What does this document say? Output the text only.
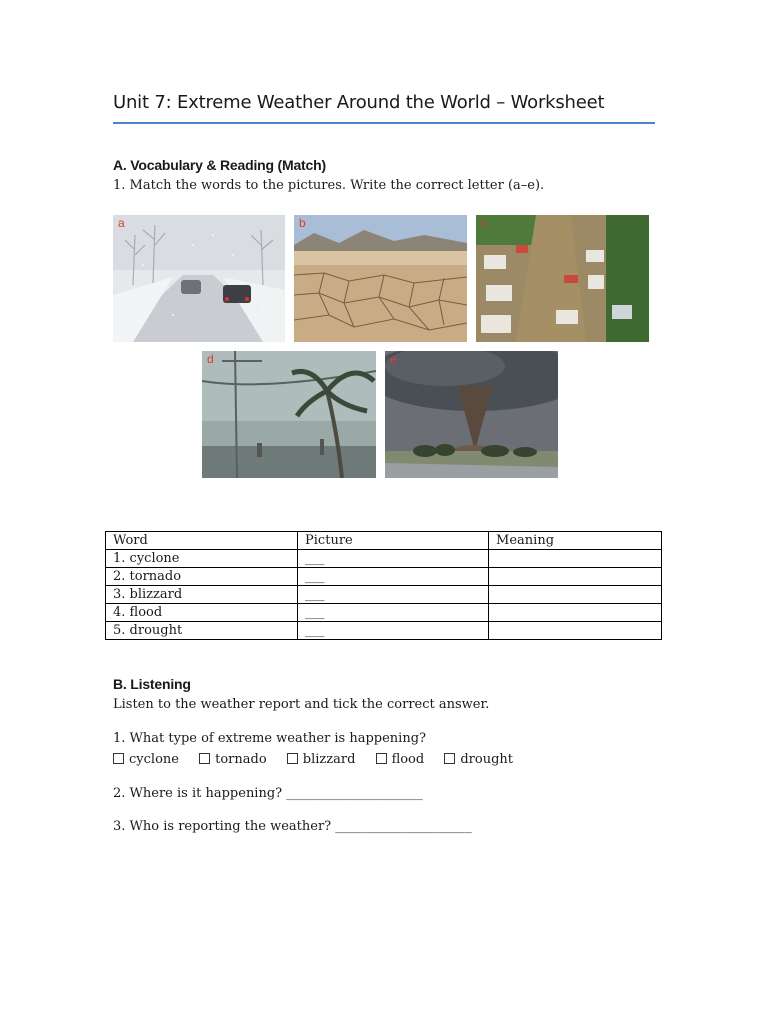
Unit 7: Extreme Weather Around the World – Worksheet
A. Vocabulary & Reading (Match)
1. Match the words to the pictures. Write the correct letter (a–e).
a	b	c
d	e
Word	Picture	Meaning
1. cyclone	___	
2. tornado	___	
3. blizzard	___	
4. flood	___	
5. drought	___	
B. Listening
Listen to the weather report and tick the correct answer.
1. What type of extreme weather is happening?
cyclone	tornado	blizzard	flood	drought
2. Where is it happening? _____________________
3. Who is reporting the weather? _____________________
